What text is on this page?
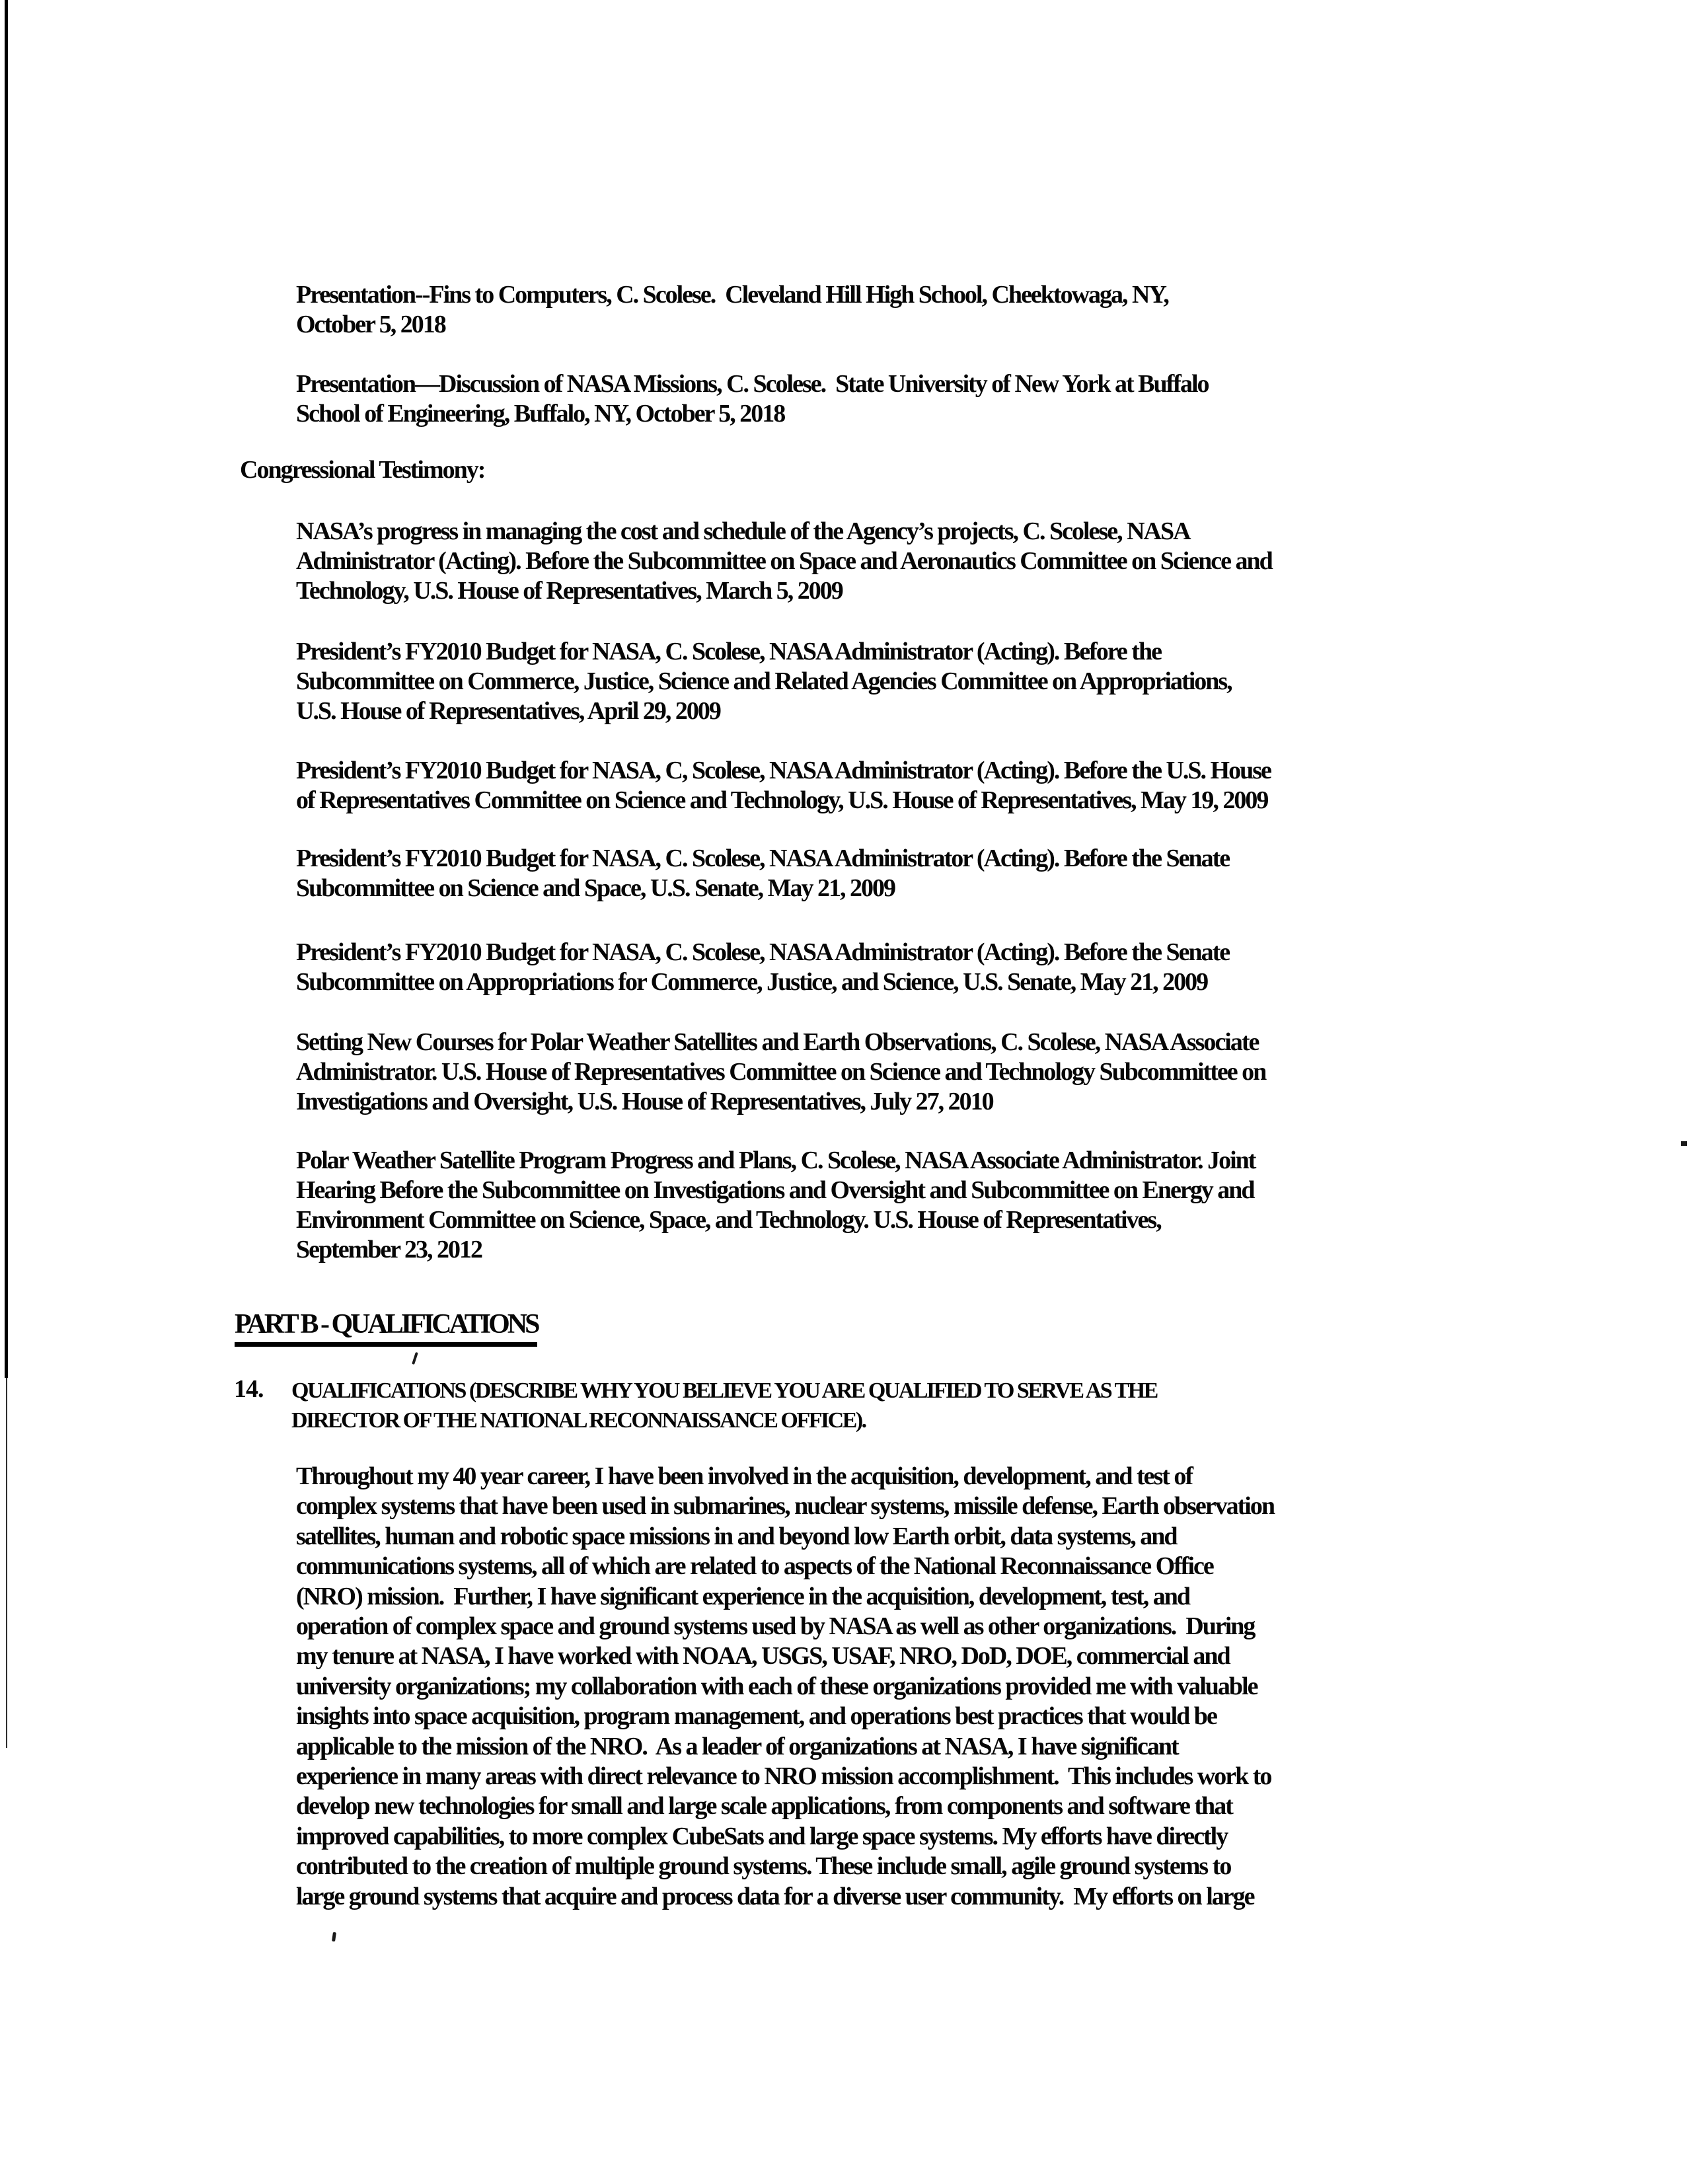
Presentation--Fins to Computers, C. Scolese.  Cleveland Hill High School, Cheektowaga, NY,
October 5, 2018
Presentation—Discussion of NASA Missions, C. Scolese.  State University of New York at Buffalo
School of Engineering, Buffalo, NY, October 5, 2018
Congressional Testimony:
NASA’s progress in managing the cost and schedule of the Agency’s projects, C. Scolese, NASA
Administrator (Acting). Before the Subcommittee on Space and Aeronautics Committee on Science and
Technology, U.S. House of Representatives, March 5, 2009
President’s FY2010 Budget for NASA, C. Scolese, NASA Administrator (Acting). Before the
Subcommittee on Commerce, Justice, Science and Related Agencies Committee on Appropriations,
U.S. House of Representatives, April 29, 2009
President’s FY2010 Budget for NASA, C, Scolese, NASA Administrator (Acting). Before the U.S. House
of Representatives Committee on Science and Technology, U.S. House of Representatives, May 19, 2009
President’s FY2010 Budget for NASA, C. Scolese, NASA Administrator (Acting). Before the Senate
Subcommittee on Science and Space, U.S. Senate, May 21, 2009
President’s FY2010 Budget for NASA, C. Scolese, NASA Administrator (Acting). Before the Senate
Subcommittee on Appropriations for Commerce, Justice, and Science, U.S. Senate, May 21, 2009
Setting New Courses for Polar Weather Satellites and Earth Observations, C. Scolese, NASA Associate
Administrator. U.S. House of Representatives Committee on Science and Technology Subcommittee on
Investigations and Oversight, U.S. House of Representatives, July 27, 2010
Polar Weather Satellite Program Progress and Plans, C. Scolese, NASA Associate Administrator. Joint
Hearing Before the Subcommittee on Investigations and Oversight and Subcommittee on Energy and
Environment Committee on Science, Space, and Technology. U.S. House of Representatives,
September 23, 2012
PART B - QUALIFICATIONS
14. QUALIFICATIONS (DESCRIBE WHY YOU BELIEVE YOU ARE QUALIFIED TO SERVE AS THE
DIRECTOR OF THE NATIONAL RECONNAISSANCE OFFICE).
Throughout my 40 year career, I have been involved in the acquisition, development, and test of
complex systems that have been used in submarines, nuclear systems, missile defense, Earth observation
satellites, human and robotic space missions in and beyond low Earth orbit, data systems, and
communications systems, all of which are related to aspects of the National Reconnaissance Office
(NRO) mission.  Further, I have significant experience in the acquisition, development, test, and
operation of complex space and ground systems used by NASA as well as other organizations.  During
my tenure at NASA, I have worked with NOAA, USGS, USAF, NRO, DoD, DOE, commercial and
university organizations; my collaboration with each of these organizations provided me with valuable
insights into space acquisition, program management, and operations best practices that would be
applicable to the mission of the NRO.  As a leader of organizations at NASA, I have significant
experience in many areas with direct relevance to NRO mission accomplishment.  This includes work to
develop new technologies for small and large scale applications, from components and software that
improved capabilities, to more complex CubeSats and large space systems. My efforts have directly
contributed to the creation of multiple ground systems. These include small, agile ground systems to
large ground systems that acquire and process data for a diverse user community.  My efforts on large
